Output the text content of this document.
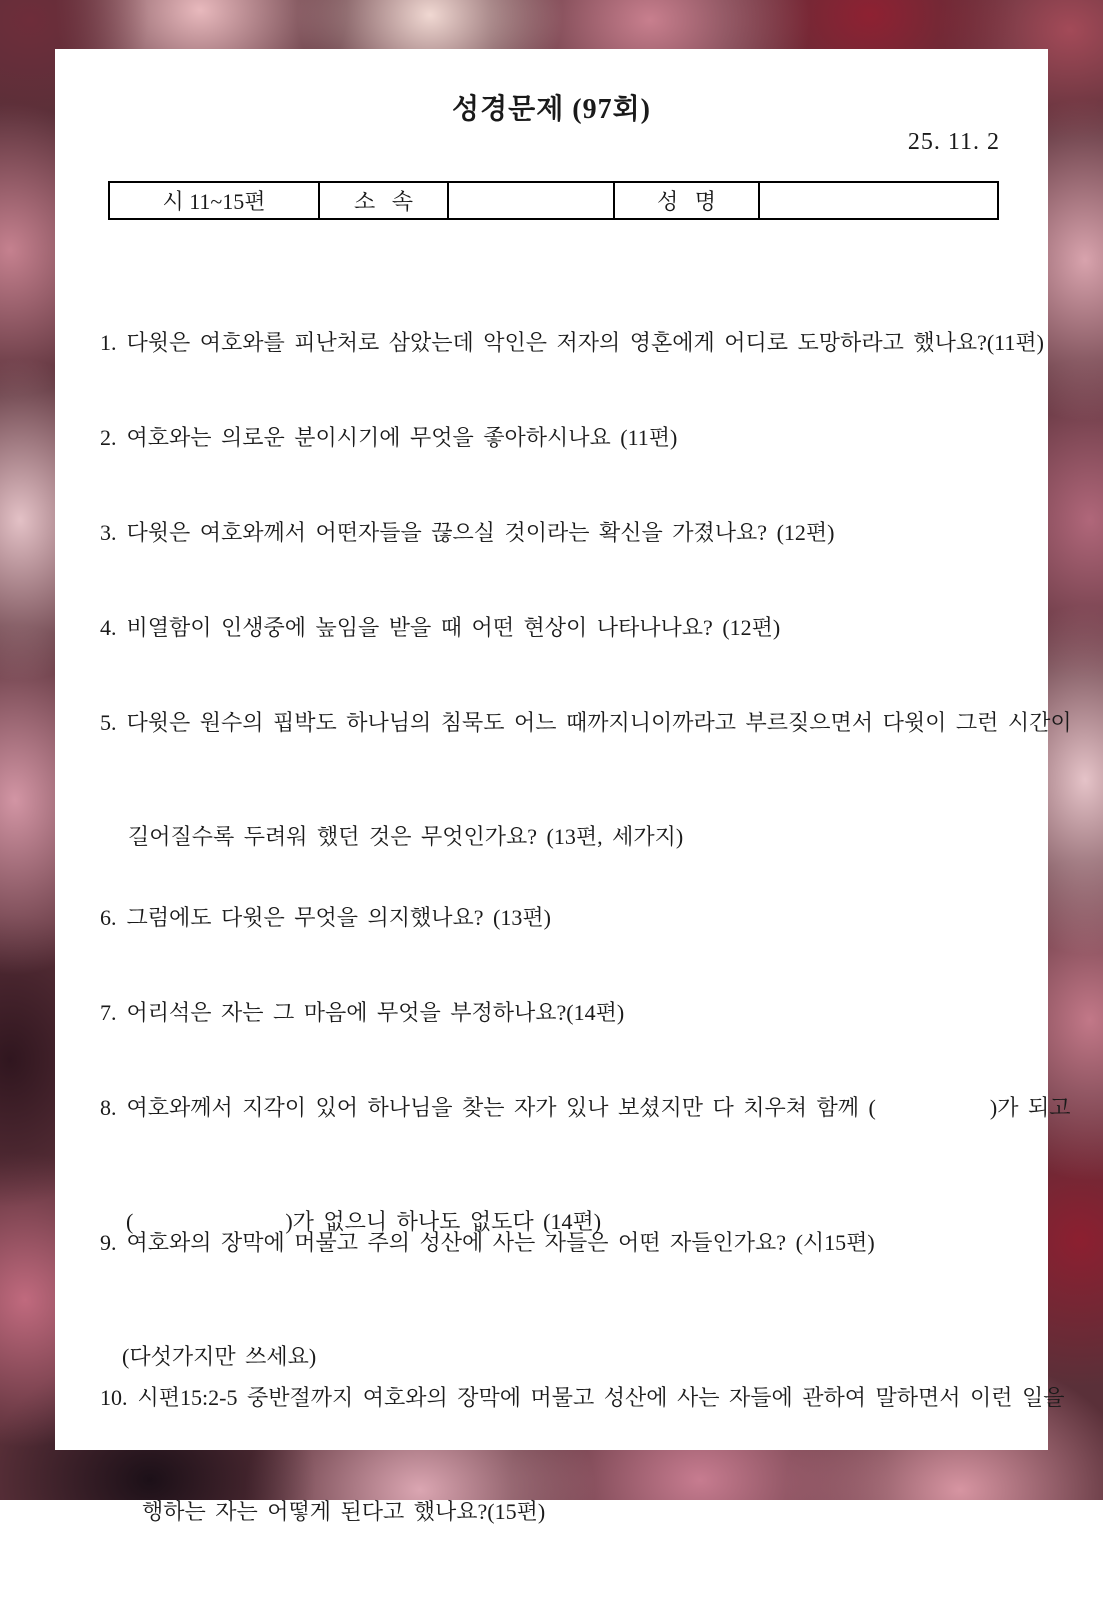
성경문제 (97회)
25. 11. 2
시 11~15편	소   속		성   명	

1. 다윗은 여호와를 피난처로 삼았는데 악인은 저자의 영혼에게 어디로 도망하라고 했나요?(11편)

2. 여호와는 의로운 분이시기에 무엇을 좋아하시나요 (11편)

3. 다윗은 여호와께서 어떤자들을 끊으실 것이라는 확신을 가졌나요? (12편)

4. 비열함이 인생중에 높임을 받을 때 어떤 현상이 나타나나요? (12편)

5. 다윗은 원수의 핍박도 하나님의 침묵도 어느 때까지니이까라고 부르짖으면서 다윗이 그런 시간이

길어질수록 두려워 했던 것은 무엇인가요? (13편, 세가지)

6. 그럼에도 다윗은 무엇을 의지했나요? (13편)

7. 어리석은 자는 그 마음에 무엇을 부정하나요?(14편)

8. 여호와께서 지각이 있어 하나님을 찾는 자가 있나 보셨지만 다 치우쳐 함께 (            )가 되고

(                )가 없으니 하나도 없도다 (14편)

9. 여호와의 장막에 머물고 주의 성산에 사는 자들은 어떤 자들인가요? (시15편)

(다섯가지만 쓰세요)

10. 시편15:2-5 중반절까지 여호와의 장막에 머물고 성산에 사는 자들에 관하여 말하면서 이런 일을

행하는 자는 어떻게 된다고 했나요?(15편)
